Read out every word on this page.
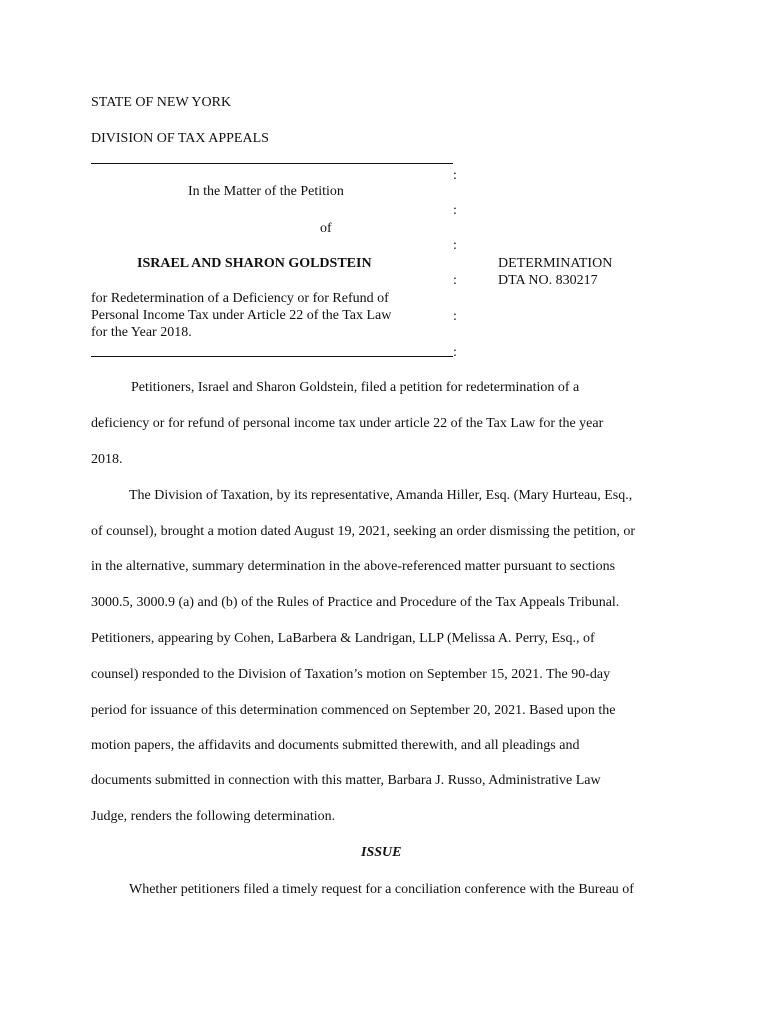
STATE OF NEW YORK
DIVISION OF TAX APPEALS
:
In the Matter of the Petition
:
of
:
ISRAEL AND SHARON GOLDSTEIN
:
for Redetermination of a Deficiency or for Refund of
Personal Income Tax under Article 22 of the Tax Law	:
for the Year 2018.
:
DETERMINATION
DTA NO. 830217
Petitioners, Israel and Sharon Goldstein, filed a petition for redetermination of a
deficiency or for refund of personal income tax under article 22 of the Tax Law for the year
2018.
The Division of Taxation, by its representative, Amanda Hiller, Esq. (Mary Hurteau, Esq.,
of counsel), brought a motion dated August 19, 2021, seeking an order dismissing the petition, or
in the alternative, summary determination in the above-referenced matter pursuant to sections
3000.5, 3000.9 (a) and (b) of the Rules of Practice and Procedure of the Tax Appeals Tribunal.
Petitioners, appearing by Cohen, LaBarbera & Landrigan, LLP (Melissa A. Perry, Esq., of
counsel) responded to the Division of Taxation’s motion on September 15, 2021. The 90-day
period for issuance of this determination commenced on September 20, 2021. Based upon the
motion papers, the affidavits and documents submitted therewith, and all pleadings and
documents submitted in connection with this matter, Barbara J. Russo, Administrative Law
Judge, renders the following determination.
ISSUE
Whether petitioners filed a timely request for a conciliation conference with the Bureau of
